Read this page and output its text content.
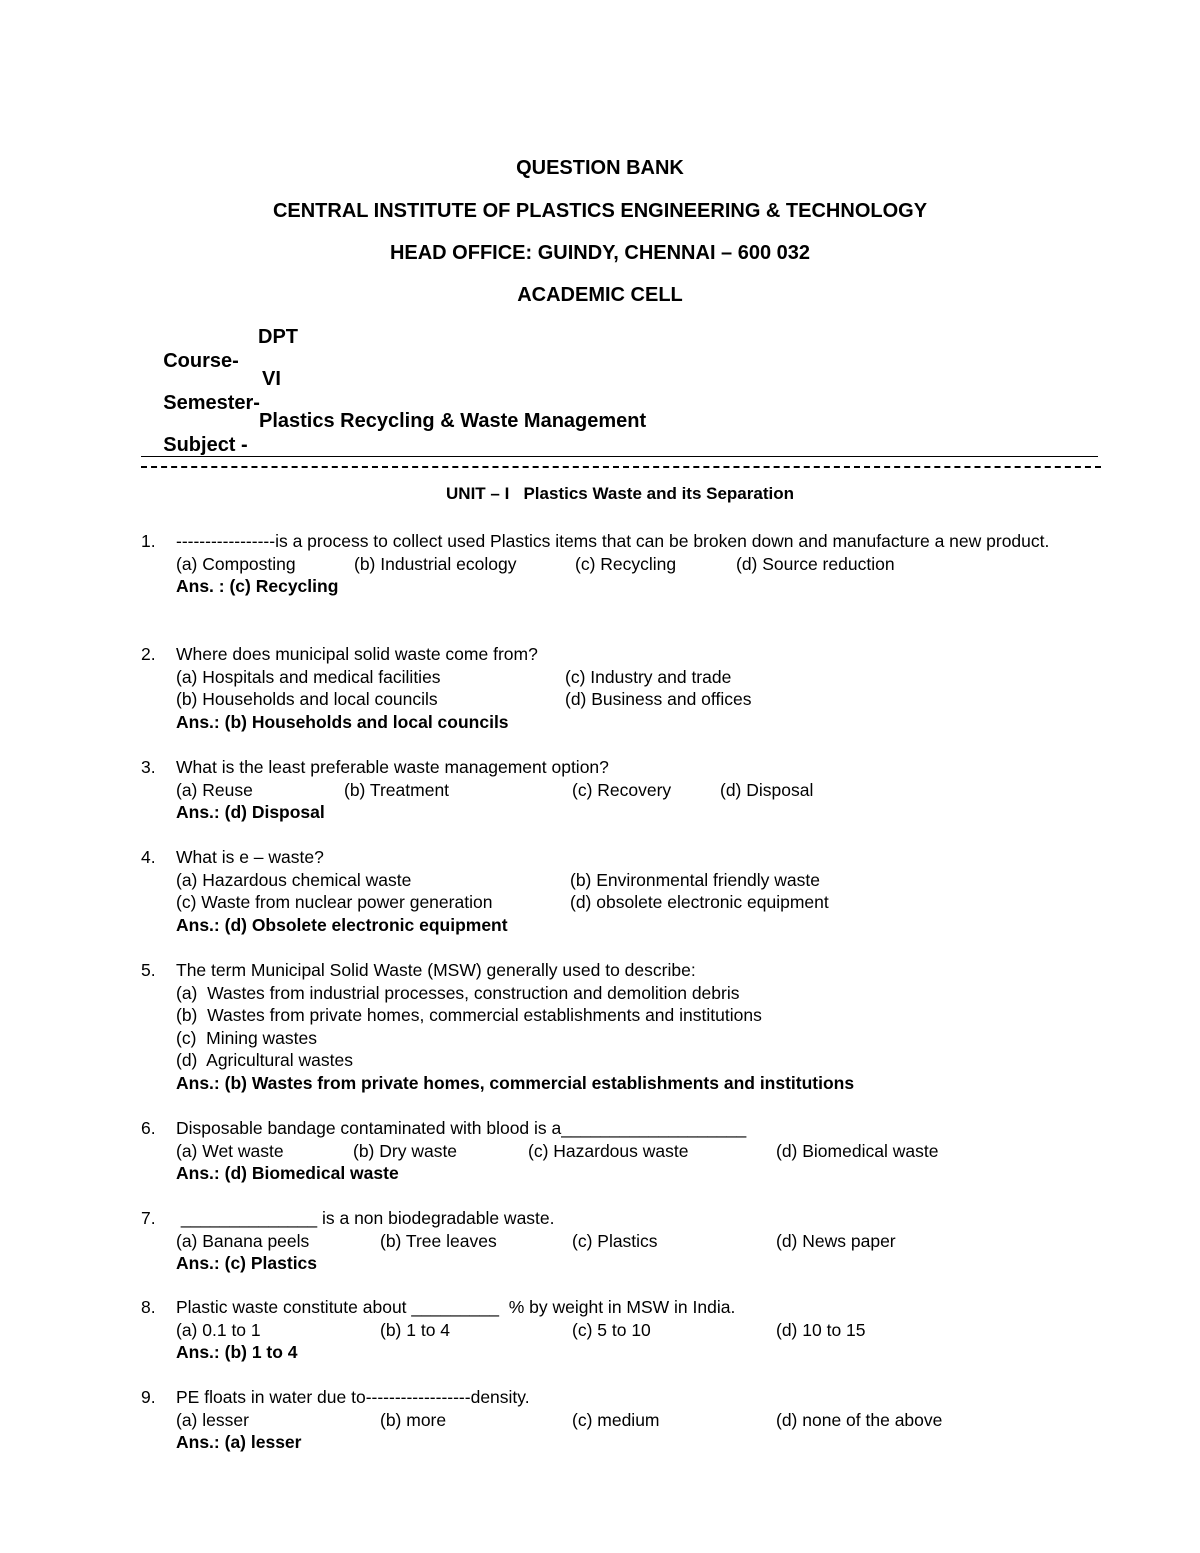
QUESTION BANK
CENTRAL INSTITUTE OF PLASTICS ENGINEERING & TECHNOLOGY
HEAD OFFICE: GUINDY, CHENNAI – 600 032
ACADEMIC CELL

Course-

DPT

Semester-

VI

Subject -

Plastics Recycling & Waste Management

UNIT – I   Plastics Waste and its Separation
1. -----------------is a process to collect used Plastics items that can be broken down and manufacture a new product.
(a) Composting	(b) Industrial ecology	(c) Recycling	(d) Source reduction
Ans. : (c) Recycling
2. Where does municipal solid waste come from?
(a) Hospitals and medical facilities	(c) Industry and trade
(b) Households and local councils	(d) Business and offices
Ans.: (b) Households and local councils
3. What is the least preferable waste management option?
(a) Reuse	(b) Treatment	(c) Recovery	(d) Disposal
Ans.: (d) Disposal
4. What is e – waste?
(a) Hazardous chemical waste	(b) Environmental friendly waste
(c) Waste from nuclear power generation	(d) obsolete electronic equipment
Ans.: (d) Obsolete electronic equipment
5. The term Municipal Solid Waste (MSW) generally used to describe:
(a)  Wastes from industrial processes, construction and demolition debris
(b)  Wastes from private homes, commercial establishments and institutions
(c)  Mining wastes
(d)  Agricultural wastes
Ans.: (b) Wastes from private homes, commercial establishments and institutions
6. Disposable bandage contaminated with blood is a___________________
(a) Wet waste	(b) Dry waste	(c) Hazardous waste	(d) Biomedical waste
Ans.: (d) Biomedical waste
7. ______________ is a non biodegradable waste.
(a) Banana peels	(b) Tree leaves	(c) Plastics	(d) News paper
Ans.: (c) Plastics
8. Plastic waste constitute about _________  % by weight in MSW in India.
(a) 0.1 to 1	(b) 1 to 4	(c) 5 to 10	(d) 10 to 15
Ans.: (b) 1 to 4
9. PE floats in water due to------------------density.
(a) lesser	(b) more	(c) medium	(d) none of the above
Ans.: (a) lesser
